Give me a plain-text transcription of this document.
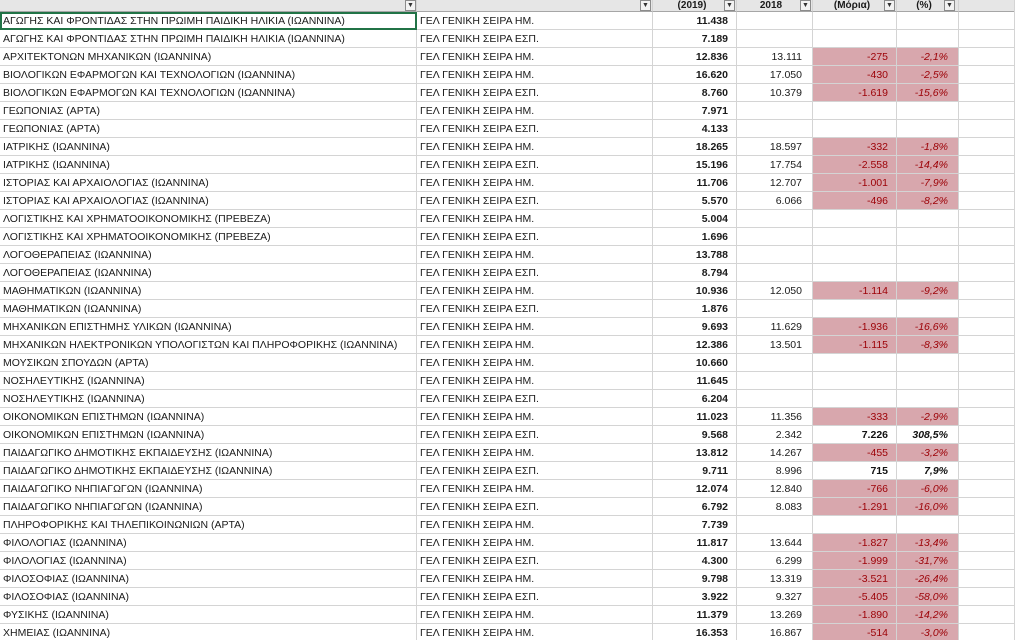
(2019)	2018	(Μόρια)	(%)
▼	▼	▼	▼	▼	▼
ΑΓΩΓΗΣ ΚΑΙ ΦΡΟΝΤΙΔΑΣ ΣΤΗΝ ΠΡΩΙΜΗ ΠΑΙΔΙΚΗ ΗΛΙΚΙΑ (ΙΩΑΝΝΙΝΑ)	ΓΕΛ ΓΕΝΙΚΗ ΣΕΙΡΑ ΗΜ.	11.438
ΑΓΩΓΗΣ ΚΑΙ ΦΡΟΝΤΙΔΑΣ ΣΤΗΝ ΠΡΩΙΜΗ ΠΑΙΔΙΚΗ ΗΛΙΚΙΑ (ΙΩΑΝΝΙΝΑ)	ΓΕΛ ΓΕΝΙΚΗ ΣΕΙΡΑ ΕΣΠ.	7.189
ΑΡΧΙΤΕΚΤΟΝΩΝ ΜΗΧΑΝΙΚΩΝ (ΙΩΑΝΝΙΝΑ)	ΓΕΛ ΓΕΝΙΚΗ ΣΕΙΡΑ ΗΜ.	12.836	13.111	-275	-2,1%
ΒΙΟΛΟΓΙΚΩΝ ΕΦΑΡΜΟΓΩΝ ΚΑΙ ΤΕΧΝΟΛΟΓΙΩΝ (ΙΩΑΝΝΙΝΑ)	ΓΕΛ ΓΕΝΙΚΗ ΣΕΙΡΑ ΗΜ.	16.620	17.050	-430	-2,5%
ΒΙΟΛΟΓΙΚΩΝ ΕΦΑΡΜΟΓΩΝ ΚΑΙ ΤΕΧΝΟΛΟΓΙΩΝ (ΙΩΑΝΝΙΝΑ)	ΓΕΛ ΓΕΝΙΚΗ ΣΕΙΡΑ ΕΣΠ.	8.760	10.379	-1.619	-15,6%
ΓΕΩΠΟΝΙΑΣ (ΑΡΤΑ)	ΓΕΛ ΓΕΝΙΚΗ ΣΕΙΡΑ ΗΜ.	7.971
ΓΕΩΠΟΝΙΑΣ (ΑΡΤΑ)	ΓΕΛ ΓΕΝΙΚΗ ΣΕΙΡΑ ΕΣΠ.	4.133
ΙΑΤΡΙΚΗΣ (ΙΩΑΝΝΙΝΑ)	ΓΕΛ ΓΕΝΙΚΗ ΣΕΙΡΑ ΗΜ.	18.265	18.597	-332	-1,8%
ΙΑΤΡΙΚΗΣ (ΙΩΑΝΝΙΝΑ)	ΓΕΛ ΓΕΝΙΚΗ ΣΕΙΡΑ ΕΣΠ.	15.196	17.754	-2.558	-14,4%
ΙΣΤΟΡΙΑΣ ΚΑΙ ΑΡΧΑΙΟΛΟΓΙΑΣ (ΙΩΑΝΝΙΝΑ)	ΓΕΛ ΓΕΝΙΚΗ ΣΕΙΡΑ ΗΜ.	11.706	12.707	-1.001	-7,9%
ΙΣΤΟΡΙΑΣ ΚΑΙ ΑΡΧΑΙΟΛΟΓΙΑΣ (ΙΩΑΝΝΙΝΑ)	ΓΕΛ ΓΕΝΙΚΗ ΣΕΙΡΑ ΕΣΠ.	5.570	6.066	-496	-8,2%
ΛΟΓΙΣΤΙΚΗΣ ΚΑΙ ΧΡΗΜΑΤΟΟΙΚΟΝΟΜΙΚΗΣ (ΠΡΕΒΕΖΑ)	ΓΕΛ ΓΕΝΙΚΗ ΣΕΙΡΑ ΗΜ.	5.004
ΛΟΓΙΣΤΙΚΗΣ ΚΑΙ ΧΡΗΜΑΤΟΟΙΚΟΝΟΜΙΚΗΣ (ΠΡΕΒΕΖΑ)	ΓΕΛ ΓΕΝΙΚΗ ΣΕΙΡΑ ΕΣΠ.	1.696
ΛΟΓΟΘΕΡΑΠΕΙΑΣ (ΙΩΑΝΝΙΝΑ)	ΓΕΛ ΓΕΝΙΚΗ ΣΕΙΡΑ ΗΜ.	13.788
ΛΟΓΟΘΕΡΑΠΕΙΑΣ (ΙΩΑΝΝΙΝΑ)	ΓΕΛ ΓΕΝΙΚΗ ΣΕΙΡΑ ΕΣΠ.	8.794
ΜΑΘΗΜΑΤΙΚΩΝ (ΙΩΑΝΝΙΝΑ)	ΓΕΛ ΓΕΝΙΚΗ ΣΕΙΡΑ ΗΜ.	10.936	12.050	-1.114	-9,2%
ΜΑΘΗΜΑΤΙΚΩΝ (ΙΩΑΝΝΙΝΑ)	ΓΕΛ ΓΕΝΙΚΗ ΣΕΙΡΑ ΕΣΠ.	1.876
ΜΗΧΑΝΙΚΩΝ ΕΠΙΣΤΗΜΗΣ ΥΛΙΚΩΝ (ΙΩΑΝΝΙΝΑ)	ΓΕΛ ΓΕΝΙΚΗ ΣΕΙΡΑ ΗΜ.	9.693	11.629	-1.936	-16,6%
ΜΗΧΑΝΙΚΩΝ ΗΛΕΚΤΡΟΝΙΚΩΝ ΥΠΟΛΟΓΙΣΤΩΝ ΚΑΙ ΠΛΗΡΟΦΟΡΙΚΗΣ (ΙΩΑΝΝΙΝΑ)	ΓΕΛ ΓΕΝΙΚΗ ΣΕΙΡΑ ΗΜ.	12.386	13.501	-1.115	-8,3%
ΜΟΥΣΙΚΩΝ ΣΠΟΥΔΩΝ (ΑΡΤΑ)	ΓΕΛ ΓΕΝΙΚΗ ΣΕΙΡΑ ΗΜ.	10.660
ΝΟΣΗΛΕΥΤΙΚΗΣ (ΙΩΑΝΝΙΝΑ)	ΓΕΛ ΓΕΝΙΚΗ ΣΕΙΡΑ ΗΜ.	11.645
ΝΟΣΗΛΕΥΤΙΚΗΣ (ΙΩΑΝΝΙΝΑ)	ΓΕΛ ΓΕΝΙΚΗ ΣΕΙΡΑ ΕΣΠ.	6.204
ΟΙΚΟΝΟΜΙΚΩΝ ΕΠΙΣΤΗΜΩΝ (ΙΩΑΝΝΙΝΑ)	ΓΕΛ ΓΕΝΙΚΗ ΣΕΙΡΑ ΗΜ.	11.023	11.356	-333	-2,9%
ΟΙΚΟΝΟΜΙΚΩΝ ΕΠΙΣΤΗΜΩΝ (ΙΩΑΝΝΙΝΑ)	ΓΕΛ ΓΕΝΙΚΗ ΣΕΙΡΑ ΕΣΠ.	9.568	2.342	7.226	308,5%
ΠΑΙΔΑΓΩΓΙΚΟ ΔΗΜΟΤΙΚΗΣ ΕΚΠΑΙΔΕΥΣΗΣ (ΙΩΑΝΝΙΝΑ)	ΓΕΛ ΓΕΝΙΚΗ ΣΕΙΡΑ ΗΜ.	13.812	14.267	-455	-3,2%
ΠΑΙΔΑΓΩΓΙΚΟ ΔΗΜΟΤΙΚΗΣ ΕΚΠΑΙΔΕΥΣΗΣ (ΙΩΑΝΝΙΝΑ)	ΓΕΛ ΓΕΝΙΚΗ ΣΕΙΡΑ ΕΣΠ.	9.711	8.996	715	7,9%
ΠΑΙΔΑΓΩΓΙΚΟ ΝΗΠΙΑΓΩΓΩΝ (ΙΩΑΝΝΙΝΑ)	ΓΕΛ ΓΕΝΙΚΗ ΣΕΙΡΑ ΗΜ.	12.074	12.840	-766	-6,0%
ΠΑΙΔΑΓΩΓΙΚΟ ΝΗΠΙΑΓΩΓΩΝ (ΙΩΑΝΝΙΝΑ)	ΓΕΛ ΓΕΝΙΚΗ ΣΕΙΡΑ ΕΣΠ.	6.792	8.083	-1.291	-16,0%
ΠΛΗΡΟΦΟΡΙΚΗΣ ΚΑΙ ΤΗΛΕΠΙΚΟΙΝΩΝΙΩΝ (ΑΡΤΑ)	ΓΕΛ ΓΕΝΙΚΗ ΣΕΙΡΑ ΗΜ.	7.739
ΦΙΛΟΛΟΓΙΑΣ (ΙΩΑΝΝΙΝΑ)	ΓΕΛ ΓΕΝΙΚΗ ΣΕΙΡΑ ΗΜ.	11.817	13.644	-1.827	-13,4%
ΦΙΛΟΛΟΓΙΑΣ (ΙΩΑΝΝΙΝΑ)	ΓΕΛ ΓΕΝΙΚΗ ΣΕΙΡΑ ΕΣΠ.	4.300	6.299	-1.999	-31,7%
ΦΙΛΟΣΟΦΙΑΣ (ΙΩΑΝΝΙΝΑ)	ΓΕΛ ΓΕΝΙΚΗ ΣΕΙΡΑ ΗΜ.	9.798	13.319	-3.521	-26,4%
ΦΙΛΟΣΟΦΙΑΣ (ΙΩΑΝΝΙΝΑ)	ΓΕΛ ΓΕΝΙΚΗ ΣΕΙΡΑ ΕΣΠ.	3.922	9.327	-5.405	-58,0%
ΦΥΣΙΚΗΣ (ΙΩΑΝΝΙΝΑ)	ΓΕΛ ΓΕΝΙΚΗ ΣΕΙΡΑ ΗΜ.	11.379	13.269	-1.890	-14,2%
ΧΗΜΕΙΑΣ (ΙΩΑΝΝΙΝΑ)	ΓΕΛ ΓΕΝΙΚΗ ΣΕΙΡΑ ΗΜ.	16.353	16.867	-514	-3,0%
